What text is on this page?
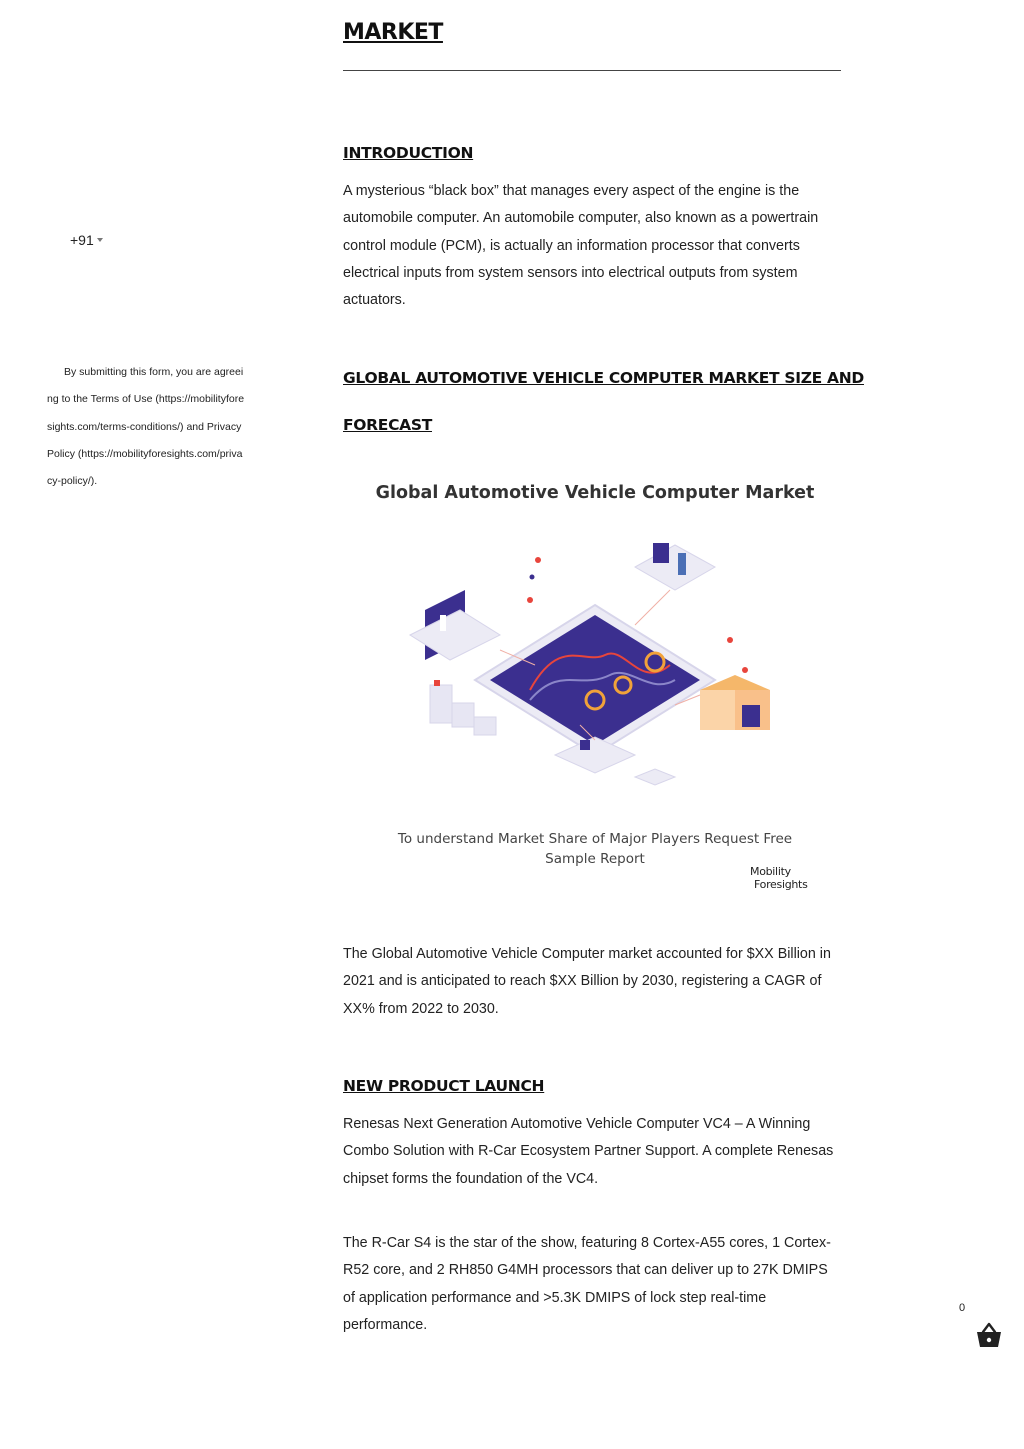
MARKET
+91

By submitting this form, you are agreeing to the Terms of Use (https://mobilityforesights.com/terms-conditions/) and Privacy Policy (https://mobilityforesights.com/privacy-policy/).

INTRODUCTION

A mysterious “black box” that manages every aspect of the engine is the automobile computer. An automobile computer, also known as a powertrain control module (PCM), is actually an information processor that converts electrical inputs from system sensors into electrical outputs from system actuators.

GLOBAL AUTOMOTIVE VEHICLE COMPUTER MARKET SIZE AND
FORECAST
Global Automotive Vehicle Computer Market
To understand Market Share of Major Players Request Free
Sample Report
Mobility
Foresights

The Global Automotive Vehicle Computer market accounted for $XX Billion in 2021 and is anticipated to reach $XX Billion by 2030, registering a CAGR of XX% from 2022 to 2030.

NEW PRODUCT LAUNCH

Renesas Next Generation Automotive Vehicle Computer VC4 – A Winning Combo Solution with R-Car Ecosystem Partner Support. A complete Renesas chipset forms the foundation of the VC4.

The R-Car S4 is the star of the show, featuring 8 Cortex-A55 cores, 1 Cortex-R52 core, and 2 RH850 G4MH processors that can deliver up to 27K DMIPS of application performance and >5.3K DMIPS of lock step real-time performance.

0
